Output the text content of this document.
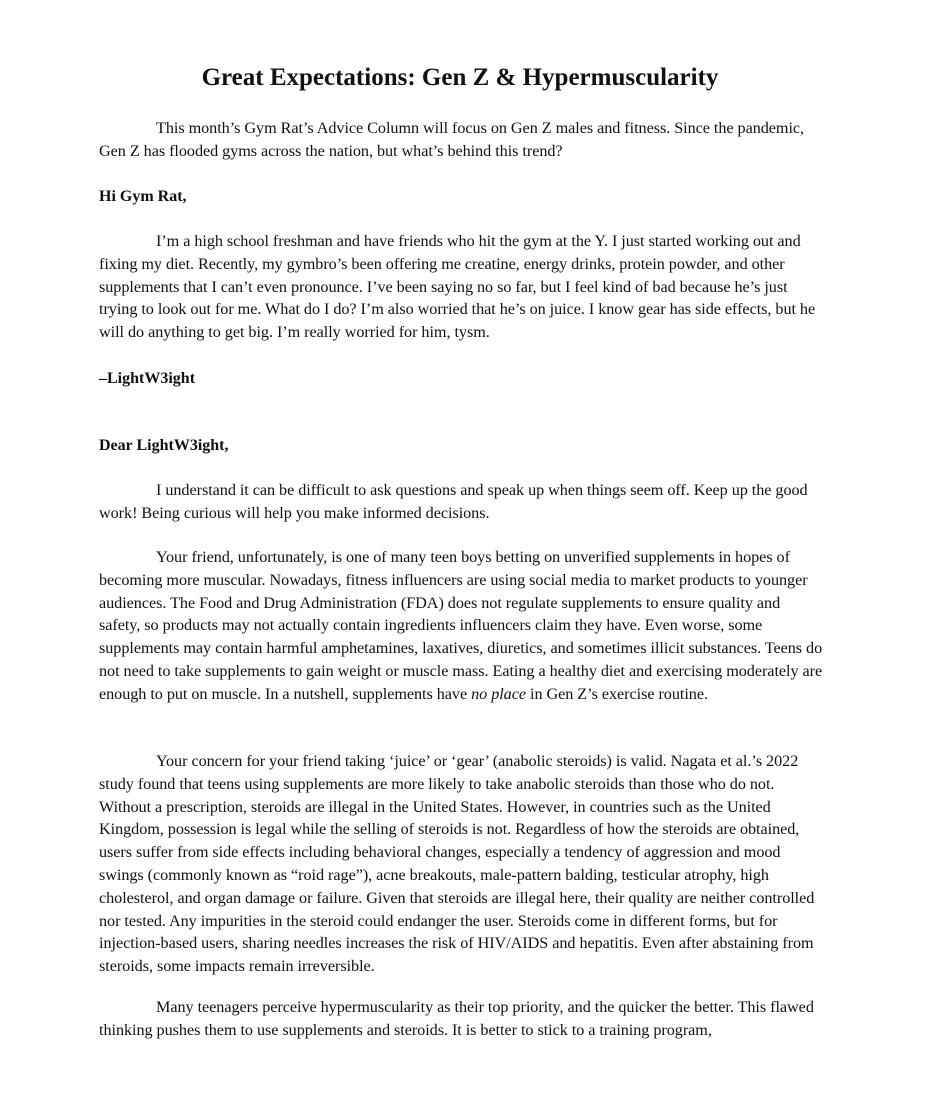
Great Expectations: Gen Z & Hypermuscularity

This month’s Gym Rat’s Advice Column will focus on Gen Z males and fitness. Since the pandemic, Gen Z has flooded gyms across the nation, but what’s behind this trend?

Hi Gym Rat,

I’m a high school freshman and have friends who hit the gym at the Y. I just started working out and fixing my diet. Recently, my gymbro’s been offering me creatine, energy drinks, protein powder, and other supplements that I can’t even pronounce. I’ve been saying no so far, but I feel kind of bad because he’s just trying to look out for me. What do I do? I’m also worried that he’s on juice. I know gear has side effects, but he will do anything to get big. I’m really worried for him, tysm.

–LightW3ight

Dear LightW3ight,

I understand it can be difficult to ask questions and speak up when things seem off. Keep up the good work! Being curious will help you make informed decisions.

Your friend, unfortunately, is one of many teen boys betting on unverified supplements in hopes of becoming more muscular. Nowadays, fitness influencers are using social media to market products to younger audiences. The Food and Drug Administration (FDA) does not regulate supplements to ensure quality and safety, so products may not actually contain ingredients influencers claim they have. Even worse, some supplements may contain harmful amphetamines, laxatives, diuretics, and sometimes illicit substances. Teens do not need to take supplements to gain weight or muscle mass. Eating a healthy diet and exercising moderately are enough to put on muscle. In a nutshell, supplements have no place in Gen Z’s exercise routine.

Your concern for your friend taking ‘juice’ or ‘gear’ (anabolic steroids) is valid. Nagata et al.’s 2022 study found that teens using supplements are more likely to take anabolic steroids than those who do not. Without a prescription, steroids are illegal in the United States. However, in countries such as the United Kingdom, possession is legal while the selling of steroids is not. Regardless of how the steroids are obtained, users suffer from side effects including behavioral changes, especially a tendency of aggression and mood swings (commonly known as “roid rage”), acne breakouts, male-pattern balding, testicular atrophy, high cholesterol, and organ damage or failure. Given that steroids are illegal here, their quality are neither controlled nor tested. Any impurities in the steroid could endanger the user. Steroids come in different forms, but for injection-based users, sharing needles increases the risk of HIV/AIDS and hepatitis. Even after abstaining from steroids, some impacts remain irreversible.

Many teenagers perceive hypermuscularity as their top priority, and the quicker the better. This flawed thinking pushes them to use supplements and steroids. It is better to stick to a training program,
